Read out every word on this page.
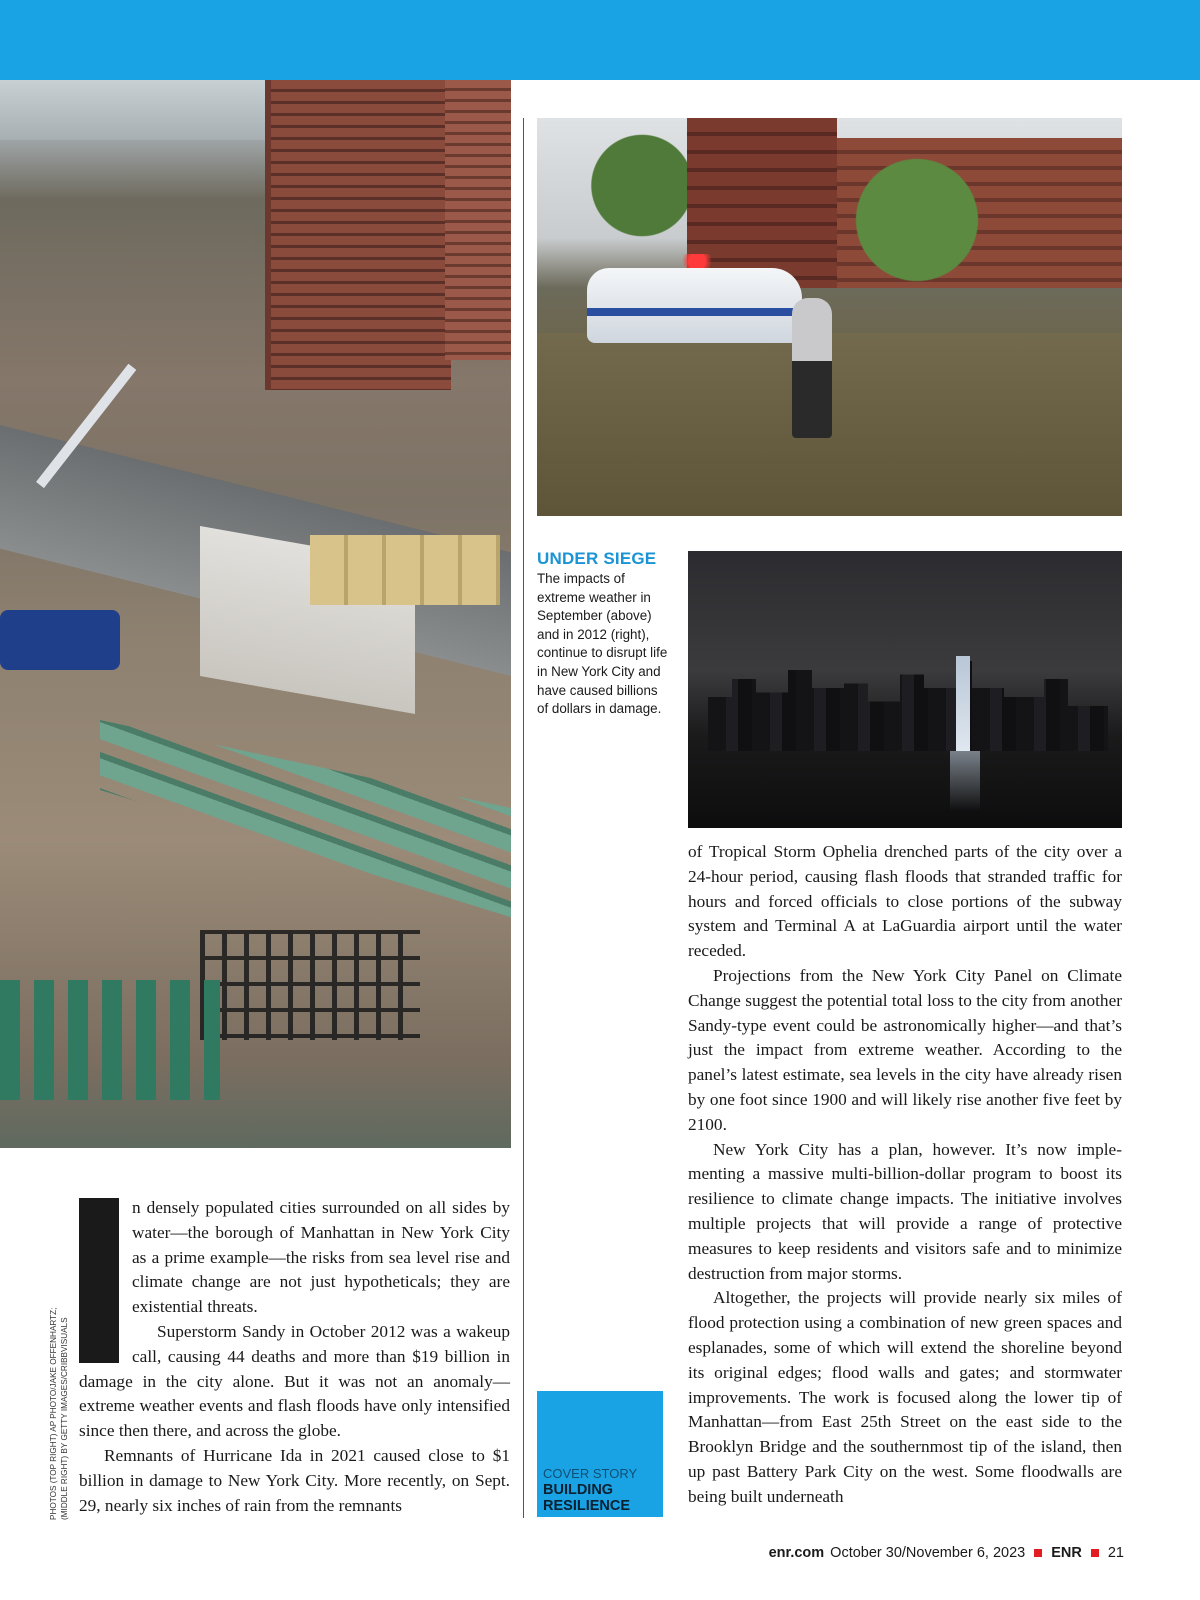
UNDER SIEGE
The impacts of extreme weather in September (above) and in 2012 (right), continue to disrupt life in New York City and have caused billions of dollars in damage.
I	n densely populated cities surrounded on all sides by water—the borough of Manhattan in New York City as a prime example—the risks from sea level rise and climate change are not just hypotheticals; they are existential threats.

Superstorm Sandy in October 2012 was a wakeup call, causing 44 deaths and more than $19 billion in damage in the city alone. But it was not an anomaly—extreme weather events and flash floods have only intensified since then there, and across the globe.

Remnants of Hurricane Ida in 2021 caused close to $1 billion in damage to New York City. More recently, on Sept. 29, nearly six inches of rain from the remnants

of Tropical Storm Ophelia drenched parts of the city over a 24-hour period, causing flash floods that stranded traffic for hours and forced officials to close portions of the subway system and Terminal A at LaGuardia airport until the water receded.

Projections from the New York City Panel on Climate Change suggest the potential total loss to the city from another Sandy-type event could be astronomically higher—and that’s just the impact from extreme weather. According to the panel’s latest estimate, sea levels in the city have already risen by one foot since 1900 and will likely rise another five feet by 2100.

New York City has a plan, however. It’s now implementing a massive multi-billion-dollar program to boost its resilience to climate change impacts. The initiative involves multiple projects that will provide a range of protective measures to keep residents and visitors safe and to minimize destruction from major storms.

Altogether, the projects will provide nearly six miles of flood protection using a combination of new green spaces and esplanades, some of which will extend the shoreline beyond its original edges; flood walls and gates; and stormwater improvements. The work is focused along the lower tip of Manhattan—from East 25th Street on the east side to the Brooklyn Bridge and the southernmost tip of the island, then up past Battery Park City on the west. Some floodwalls are being built underneath

PHOTOS (TOP RIGHT) AP PHOTO/JAKE OFFENHARTZ; (MIDDLE RIGHT) BY GETTY IMAGES/CRIBBVISUALS	COVER STORY
BUILDING RESILIENCE
enr.com October 30/November 6, 2023 ENR 21
